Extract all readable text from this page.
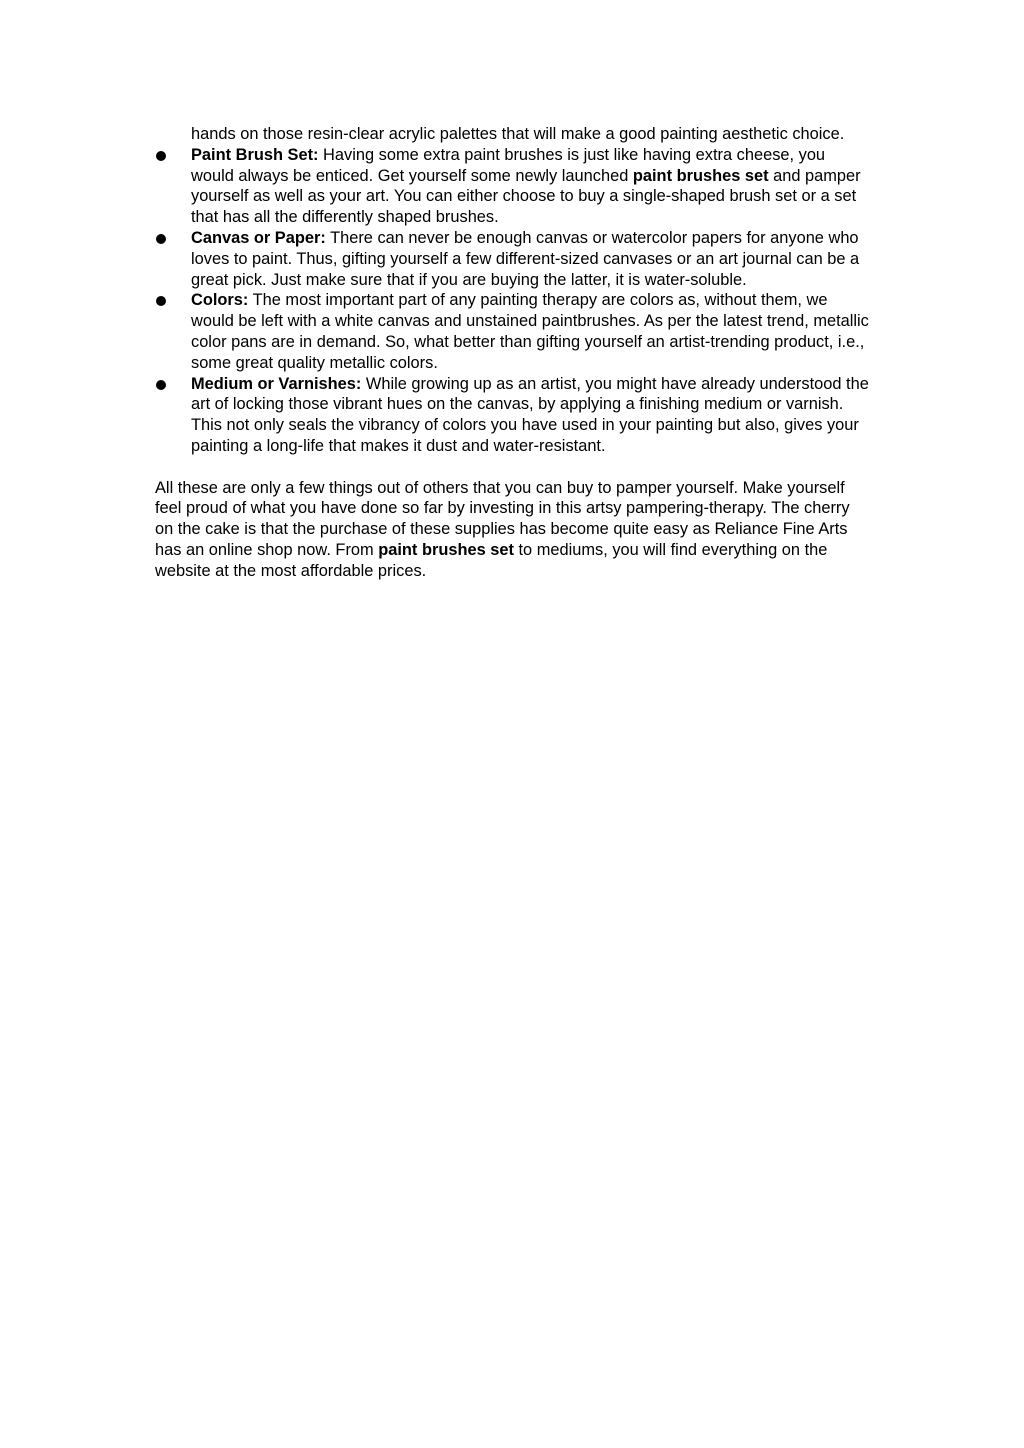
hands on those resin-clear acrylic palettes that will make a good painting aesthetic choice.

Paint Brush Set: Having some extra paint brushes is just like having extra cheese, you would always be enticed. Get yourself some newly launched paint brushes set and pamper yourself as well as your art. You can either choose to buy a single-shaped brush set or a set that has all the differently shaped brushes.
Canvas or Paper: There can never be enough canvas or watercolor papers for anyone who loves to paint. Thus, gifting yourself a few different-sized canvases or an art journal can be a great pick. Just make sure that if you are buying the latter, it is water-soluble.
Colors: The most important part of any painting therapy are colors as, without them, we would be left with a white canvas and unstained paintbrushes. As per the latest trend, metallic color pans are in demand. So, what better than gifting yourself an artist-trending product, i.e., some great quality metallic colors.
Medium or Varnishes: While growing up as an artist, you might have already understood the art of locking those vibrant hues on the canvas, by applying a finishing medium or varnish. This not only seals the vibrancy of colors you have used in your painting but also, gives your painting a long-life that makes it dust and water-resistant.

All these are only a few things out of others that you can buy to pamper yourself. Make yourself feel proud of what you have done so far by investing in this artsy pampering-therapy. The cherry on the cake is that the purchase of these supplies has become quite easy as Reliance Fine Arts has an online shop now. From paint brushes set to mediums, you will find everything on the website at the most affordable prices.
